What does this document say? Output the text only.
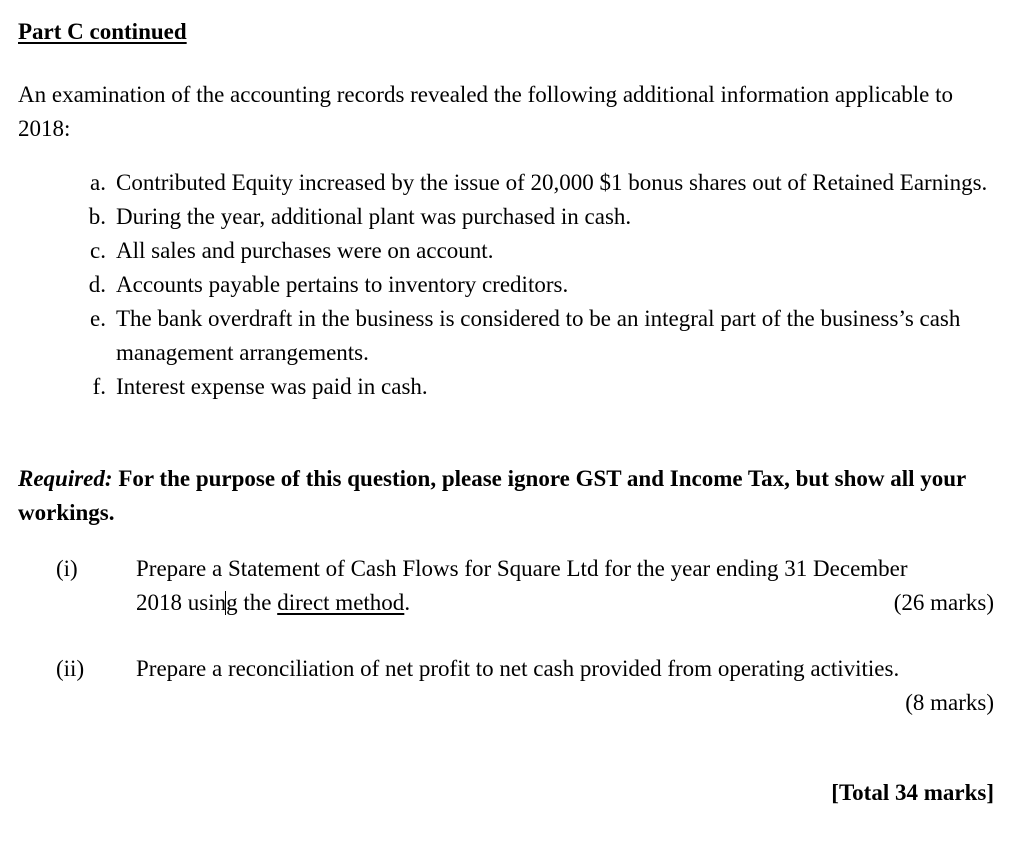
Part C continued

An examination of the accounting records revealed the following additional information applicable to 2018:

a. Contributed Equity increased by the issue of 20,000 $1 bonus shares out of Retained Earnings.
b. During the year, additional plant was purchased in cash.
c. All sales and purchases were on account.
d. Accounts payable pertains to inventory creditors.
e. The bank overdraft in the business is considered to be an integral part of the business’s cash management arrangements.
f. Interest expense was paid in cash.

Required: For the purpose of this question, please ignore GST and Income Tax, but show all your workings.

(i)	Prepare a Statement of Cash Flows for Square Ltd for the year ending 31 December
2018 using the direct method.	(26 marks)
(ii)	Prepare a reconciliation of net profit to net cash provided from operating activities.
(8 marks)
[Total 34 marks]
